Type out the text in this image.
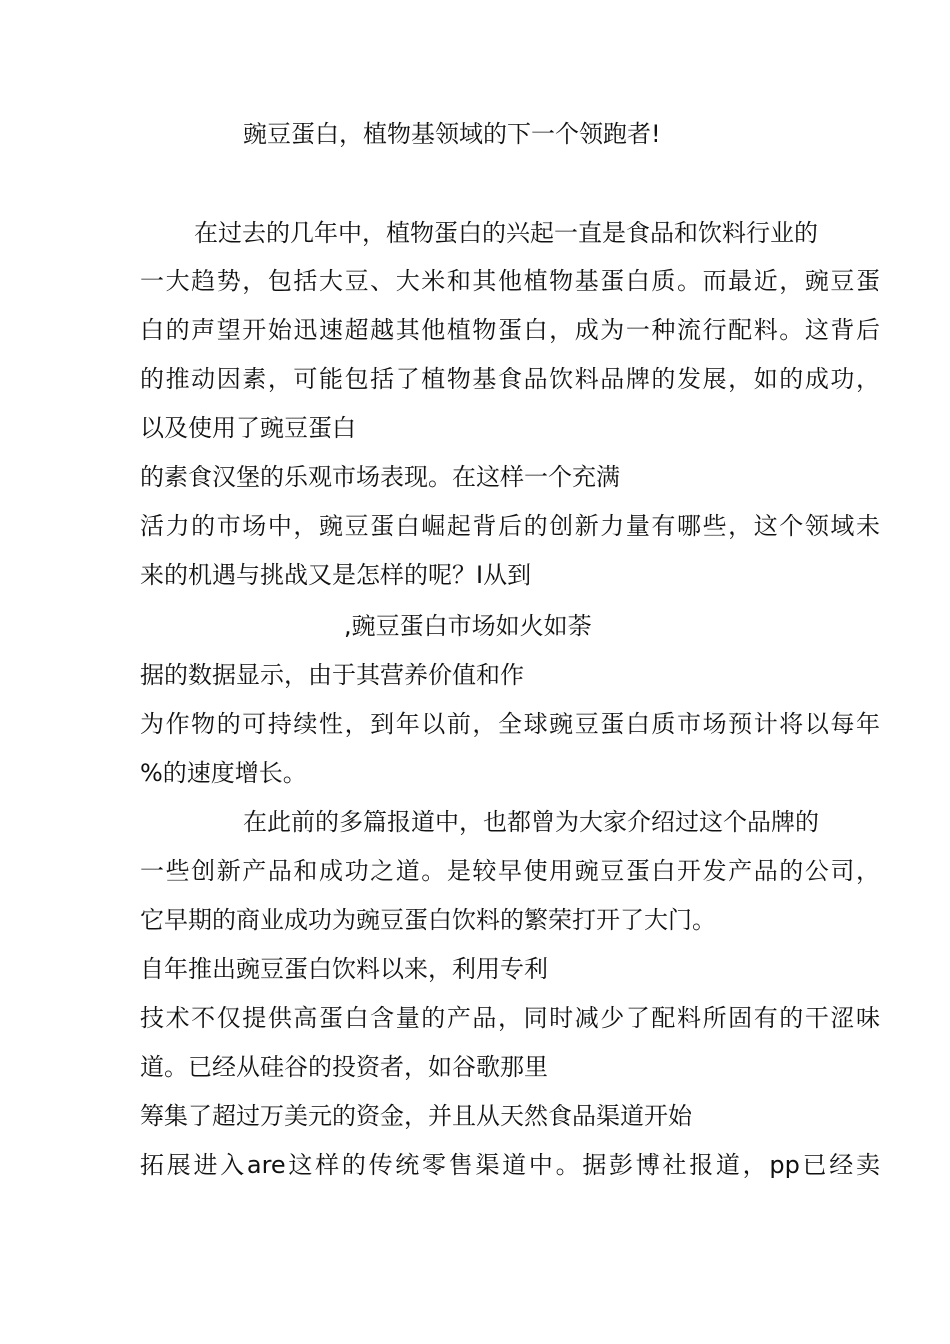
豌豆蛋白，植物基领域的下一个领跑者!
在过去的几年中，植物蛋白的兴起一直是食品和饮料行业的
一大趋势，包括大豆、大米和其他植物基蛋白质。而最近，豌豆蛋
白的声望开始迅速超越其他植物蛋白，成为一种流行配料。这背后
的推动因素，可能包括了植物基食品饮料品牌的发展，如的成功，
以及使用了豌豆蛋白
的素食汉堡的乐观市场表现。在这样一个充满
活力的市场中，豌豆蛋白崛起背后的创新力量有哪些，这个领域未
来的机遇与挑战又是怎样的呢？I从到
,豌豆蛋白市场如火如荼
据的数据显示，由于其营养价值和作
为作物的可持续性，到年以前，全球豌豆蛋白质市场预计将以每年
%的速度增长。
在此前的多篇报道中，也都曾为大家介绍过这个品牌的
一些创新产品和成功之道。是较早使用豌豆蛋白开发产品的公司，
它早期的商业成功为豌豆蛋白饮料的繁荣打开了大门。
自年推出豌豆蛋白饮料以来，利用专利
技术不仅提供高蛋白含量的产品，同时减少了配料所固有的干涩味
道。已经从硅谷的投资者，如谷歌那里
筹集了超过万美元的资金，并且从天然食品渠道开始
拓展进入are这样的传统零售渠道中。据彭博社报道，pp已经卖
